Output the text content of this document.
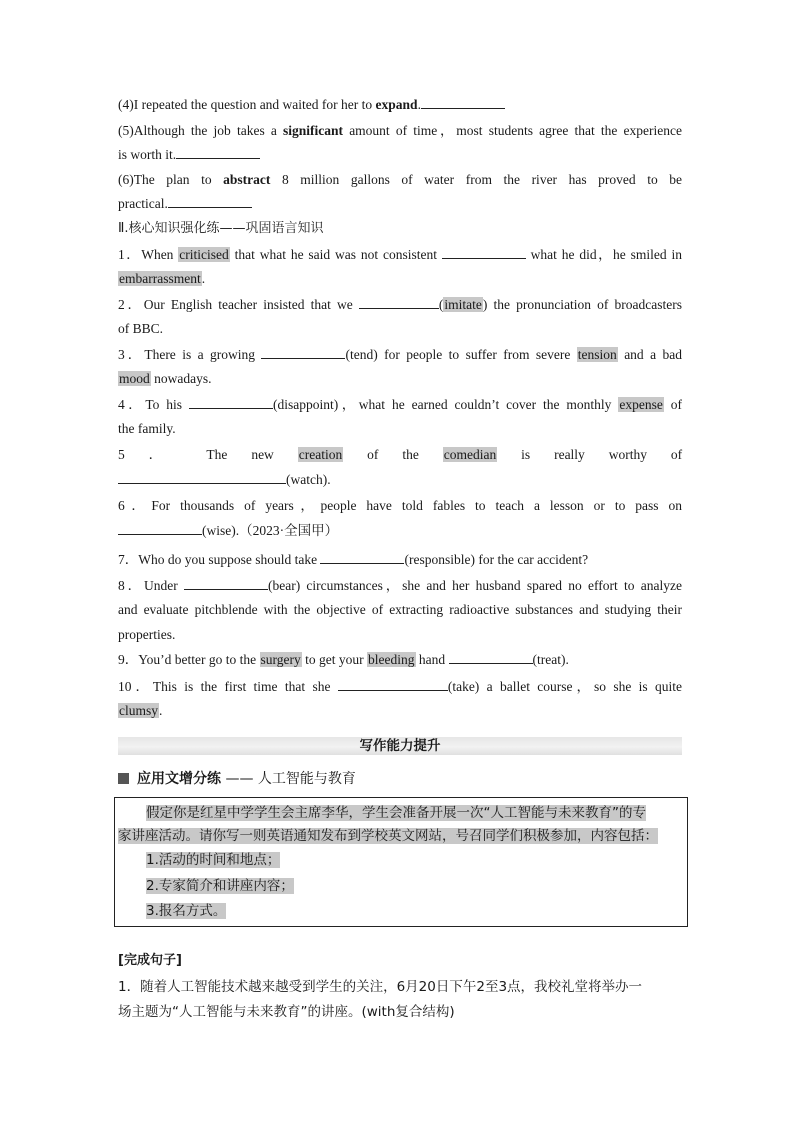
(4)I repeated the question and waited for her to expand.
(5)Although the job takes a significant amount of time，most students agree that the experience
is worth it.
(6)The plan to abstract 8 million gallons of water from the river has proved to be
practical.
Ⅱ.核心知识强化练——巩固语言知识
1．When criticised that what he said was not consistent	what he did，he smiled in
embarrassment.
2．Our English teacher insisted that we	(imitate) the pronunciation of broadcasters
of BBC.
3．There is a growing	(tend) for people to suffer from severe tension and a bad
mood nowadays.
4．To his	(disappoint)，what he earned couldn’t cover the monthly expense of
the family.
5 ． The new creation of the comedian is really worthy of
(watch).
6．For thousands of years，people have told fables to teach a lesson or to pass on
(wise).（2023·全国甲）
7．Who do you suppose should take	(responsible) for the car accident?
8．Under	(bear) circumstances，she and her husband spared no effort to analyze
and evaluate pitchblende with the objective of extracting radioactive substances and studying their
properties.
9．You’d better go to the surgery to get your bleeding hand	(treat).
10．This is the first time that she	(take) a ballet course，so she is quite
clumsy.
写作能力提升
应用文增分练 —— 人工智能与教育
假定你是红星中学学生会主席李华，学生会准备开展一次“人工智能与未来教育”的专
家讲座活动。请你写一则英语通知发布到学校英文网站，号召同学们积极参加，内容包括：
1.活动的时间和地点；
2.专家简介和讲座内容；
3.报名方式。
[完成句子]
1．随着人工智能技术越来越受到学生的关注，6月20日下午2至3点，我校礼堂将举办一
场主题为“人工智能与未来教育”的讲座。(with复合结构)
